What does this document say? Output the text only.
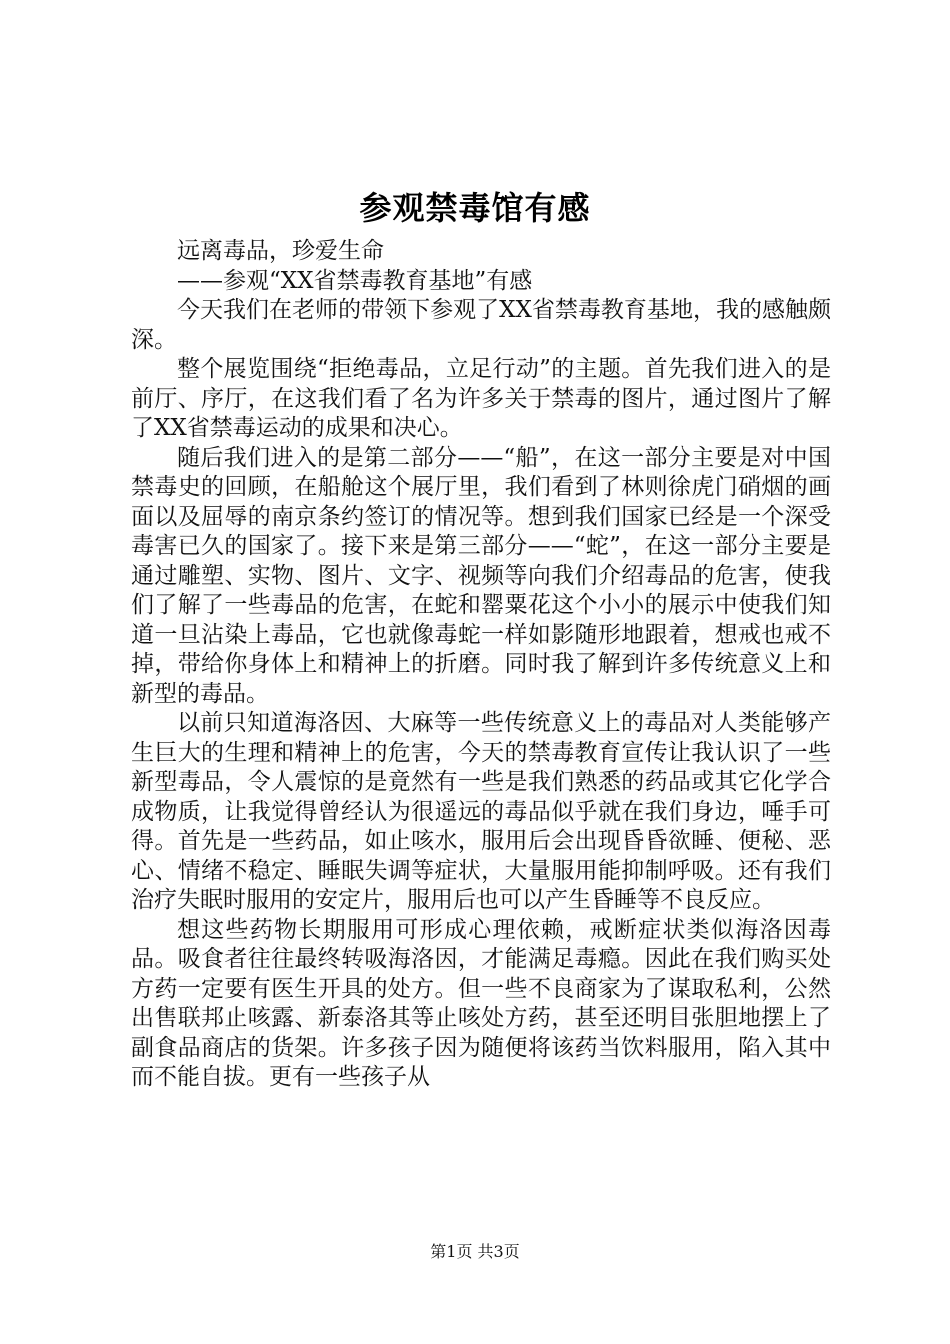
参观禁毒馆有感

远离毒品，珍爱生命

——参观“XX省禁毒教育基地”有感

今天我们在老师的带领下参观了XX省禁毒教育基地，我的感触颇深。

整个展览围绕“拒绝毒品，立足行动”的主题。首先我们进入的是前厅、序厅，在这我们看了名为许多关于禁毒的图片，通过图片了解了XX省禁毒运动的成果和决心。

随后我们进入的是第二部分——“船”，在这一部分主要是对中国禁毒史的回顾，在船舱这个展厅里，我们看到了林则徐虎门硝烟的画面以及屈辱的南京条约签订的情况等。想到我们国家已经是一个深受毒害已久的国家了。接下来是第三部分——“蛇”，在这一部分主要是通过雕塑、实物、图片、文字、视频等向我们介绍毒品的危害，使我们了解了一些毒品的危害，在蛇和罂粟花这个小小的展示中使我们知道一旦沾染上毒品，它也就像毒蛇一样如影随形地跟着，想戒也戒不掉，带给你身体上和精神上的折磨。同时我了解到许多传统意义上和新型的毒品。

以前只知道海洛因、大麻等一些传统意义上的毒品对人类能够产生巨大的生理和精神上的危害，今天的禁毒教育宣传让我认识了一些新型毒品，令人震惊的是竟然有一些是我们熟悉的药品或其它化学合成物质，让我觉得曾经认为很遥远的毒品似乎就在我们身边，唾手可得。首先是一些药品，如止咳水，服用后会出现昏昏欲睡、便秘、恶心、情绪不稳定、睡眠失调等症状，大量服用能抑制呼吸。还有我们治疗失眠时服用的安定片，服用后也可以产生昏睡等不良反应。

想这些药物长期服用可形成心理依赖，戒断症状类似海洛因毒品。吸食者往往最终转吸海洛因，才能满足毒瘾。因此在我们购买处方药一定要有医生开具的处方。但一些不良商家为了谋取私利，公然出售联邦止咳露、新泰洛其等止咳处方药，甚至还明目张胆地摆上了副食品商店的货架。许多孩子因为随便将该药当饮料服用，陷入其中而不能自拔。更有一些孩子从

第1页 共3页
